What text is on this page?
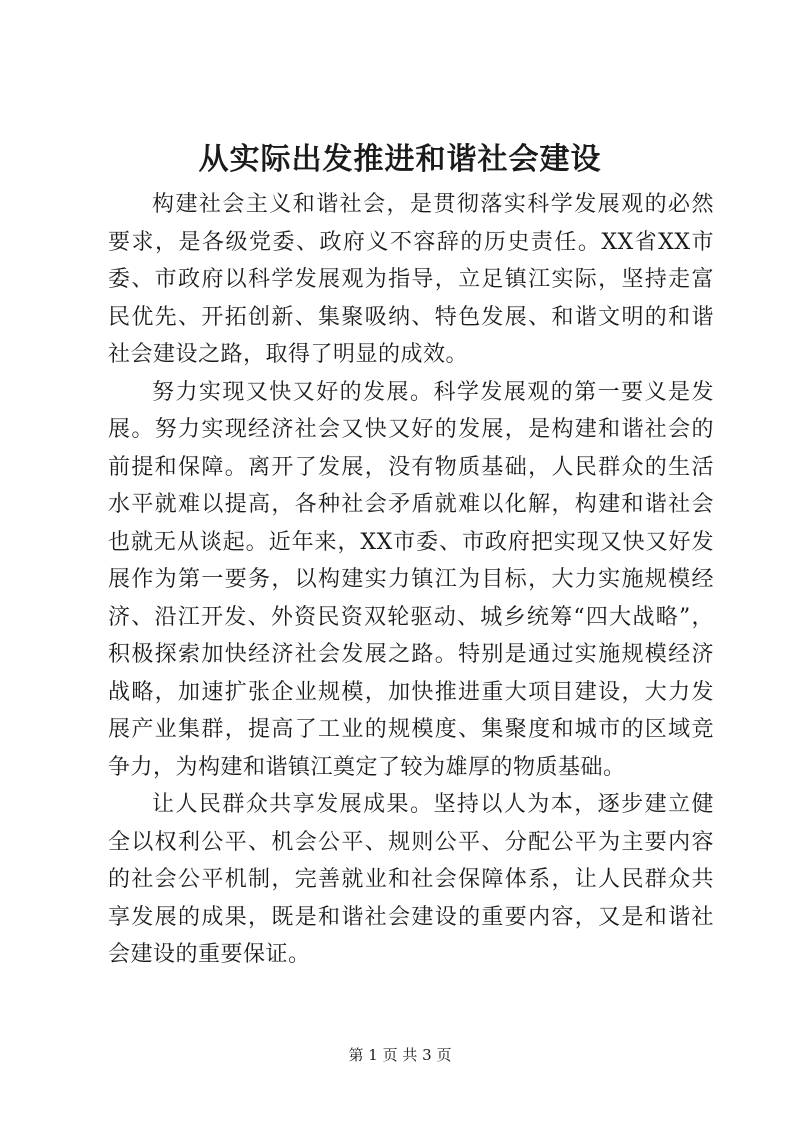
从实际出发推进和谐社会建设

构建社会主义和谐社会，是贯彻落实科学发展观的必然要求，是各级党委、政府义不容辞的历史责任。XX省XX市委、市政府以科学发展观为指导，立足镇江实际，坚持走富民优先、开拓创新、集聚吸纳、特色发展、和谐文明的和谐社会建设之路，取得了明显的成效。

努力实现又快又好的发展。科学发展观的第一要义是发展。努力实现经济社会又快又好的发展，是构建和谐社会的前提和保障。离开了发展，没有物质基础，人民群众的生活水平就难以提高，各种社会矛盾就难以化解，构建和谐社会也就无从谈起。近年来，XX市委、市政府把实现又快又好发展作为第一要务，以构建实力镇江为目标，大力实施规模经济、沿江开发、外资民资双轮驱动、城乡统筹“四大战略”，积极探索加快经济社会发展之路。特别是通过实施规模经济战略，加速扩张企业规模，加快推进重大项目建设，大力发展产业集群，提高了工业的规模度、集聚度和城市的区域竞争力，为构建和谐镇江奠定了较为雄厚的物质基础。

让人民群众共享发展成果。坚持以人为本，逐步建立健全以权利公平、机会公平、规则公平、分配公平为主要内容的社会公平机制，完善就业和社会保障体系，让人民群众共享发展的成果，既是和谐社会建设的重要内容，又是和谐社会建设的重要保证。

第 1 页 共 3 页
